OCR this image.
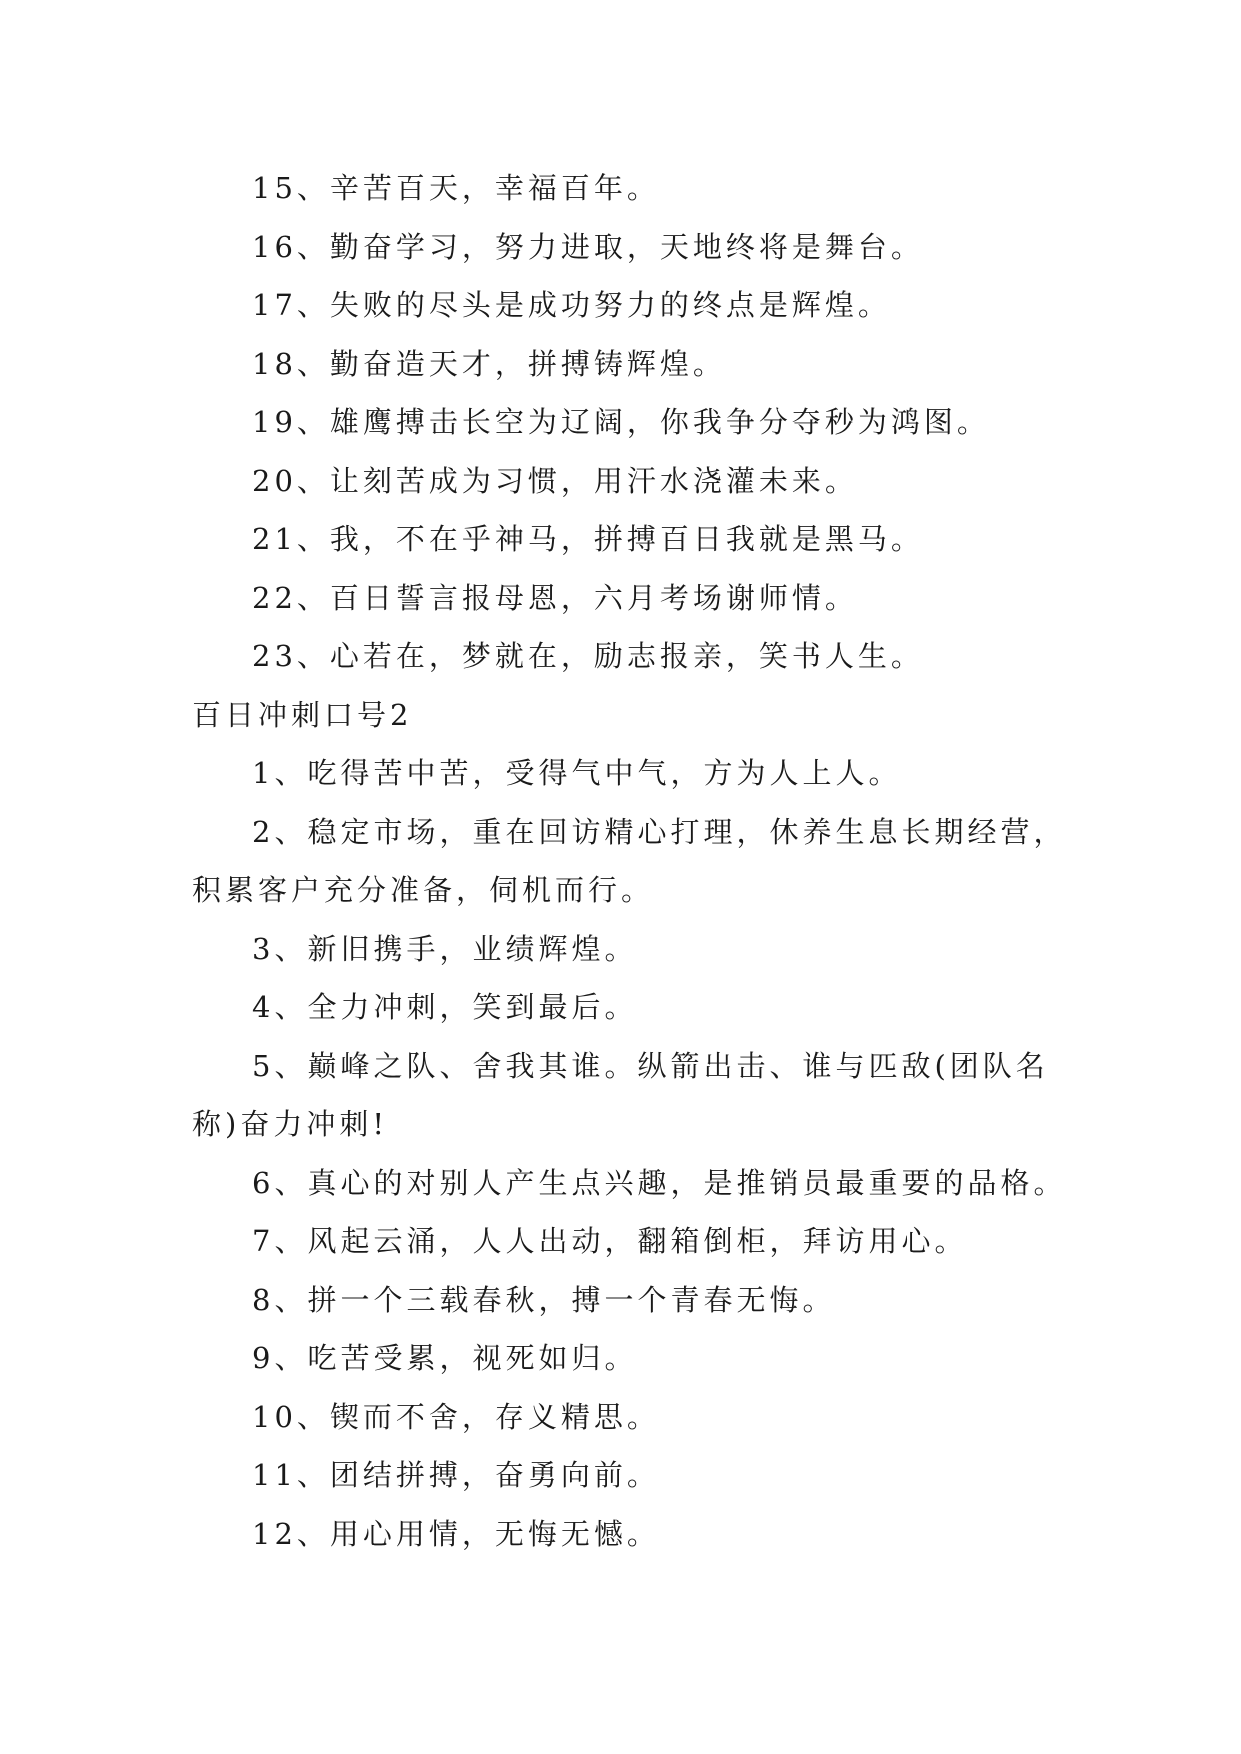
15、辛苦百天，幸福百年。
16、勤奋学习，努力进取，天地终将是舞台。
17、失败的尽头是成功努力的终点是辉煌。
18、勤奋造天才，拼搏铸辉煌。
19、雄鹰搏击长空为辽阔，你我争分夺秒为鸿图。
20、让刻苦成为习惯，用汗水浇灌未来。
21、我，不在乎神马，拼搏百日我就是黑马。
22、百日誓言报母恩，六月考场谢师情。
23、心若在，梦就在，励志报亲，笑书人生。
百日冲刺口号2
1、吃得苦中苦，受得气中气，方为人上人。
2、稳定市场，重在回访精心打理，休养生息长期经营，
积累客户充分准备，伺机而行。
3、新旧携手，业绩辉煌。
4、全力冲刺，笑到最后。
5、巅峰之队、舍我其谁。纵箭出击、谁与匹敌(团队名
称)奋力冲刺!
6、真心的对别人产生点兴趣，是推销员最重要的品格。
7、风起云涌，人人出动，翻箱倒柜，拜访用心。
8、拼一个三载春秋，搏一个青春无悔。
9、吃苦受累，视死如归。
10、锲而不舍，存义精思。
11、团结拼搏，奋勇向前。
12、用心用情，无悔无憾。
